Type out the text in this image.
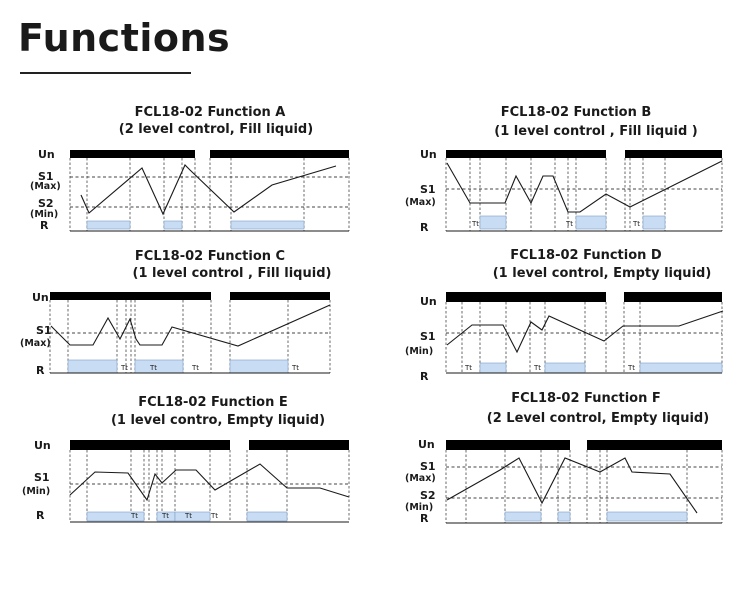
Functions
FCL18-02 Function A
(2 level control, Fill liquid)
Un
S1
(Max)
S2
(Min)
R
FCL18-02 Function B
(1 level control , Fill liquid )
Un
S1
(Max)
R	Tt	Tt	Tt
FCL18-02 Function C
(1 level control , Fill liquid)
Un
S1
(Max)
R	Tt	Tt	Tt	Tt
FCL18-02 Function D
(1 level control, Empty liquid)
Un
S1
(Min)
R
Tt	Tt	Tt
FCL18-02 Function E
(1 level contro, Empty liquid)
Un
S1
(Min)
R	Tt	Tt Tt	Tt
FCL18-02 Function F
(2 Level control, Empty liquid)
Un
S1
(Max)
S2
(Min)
R
